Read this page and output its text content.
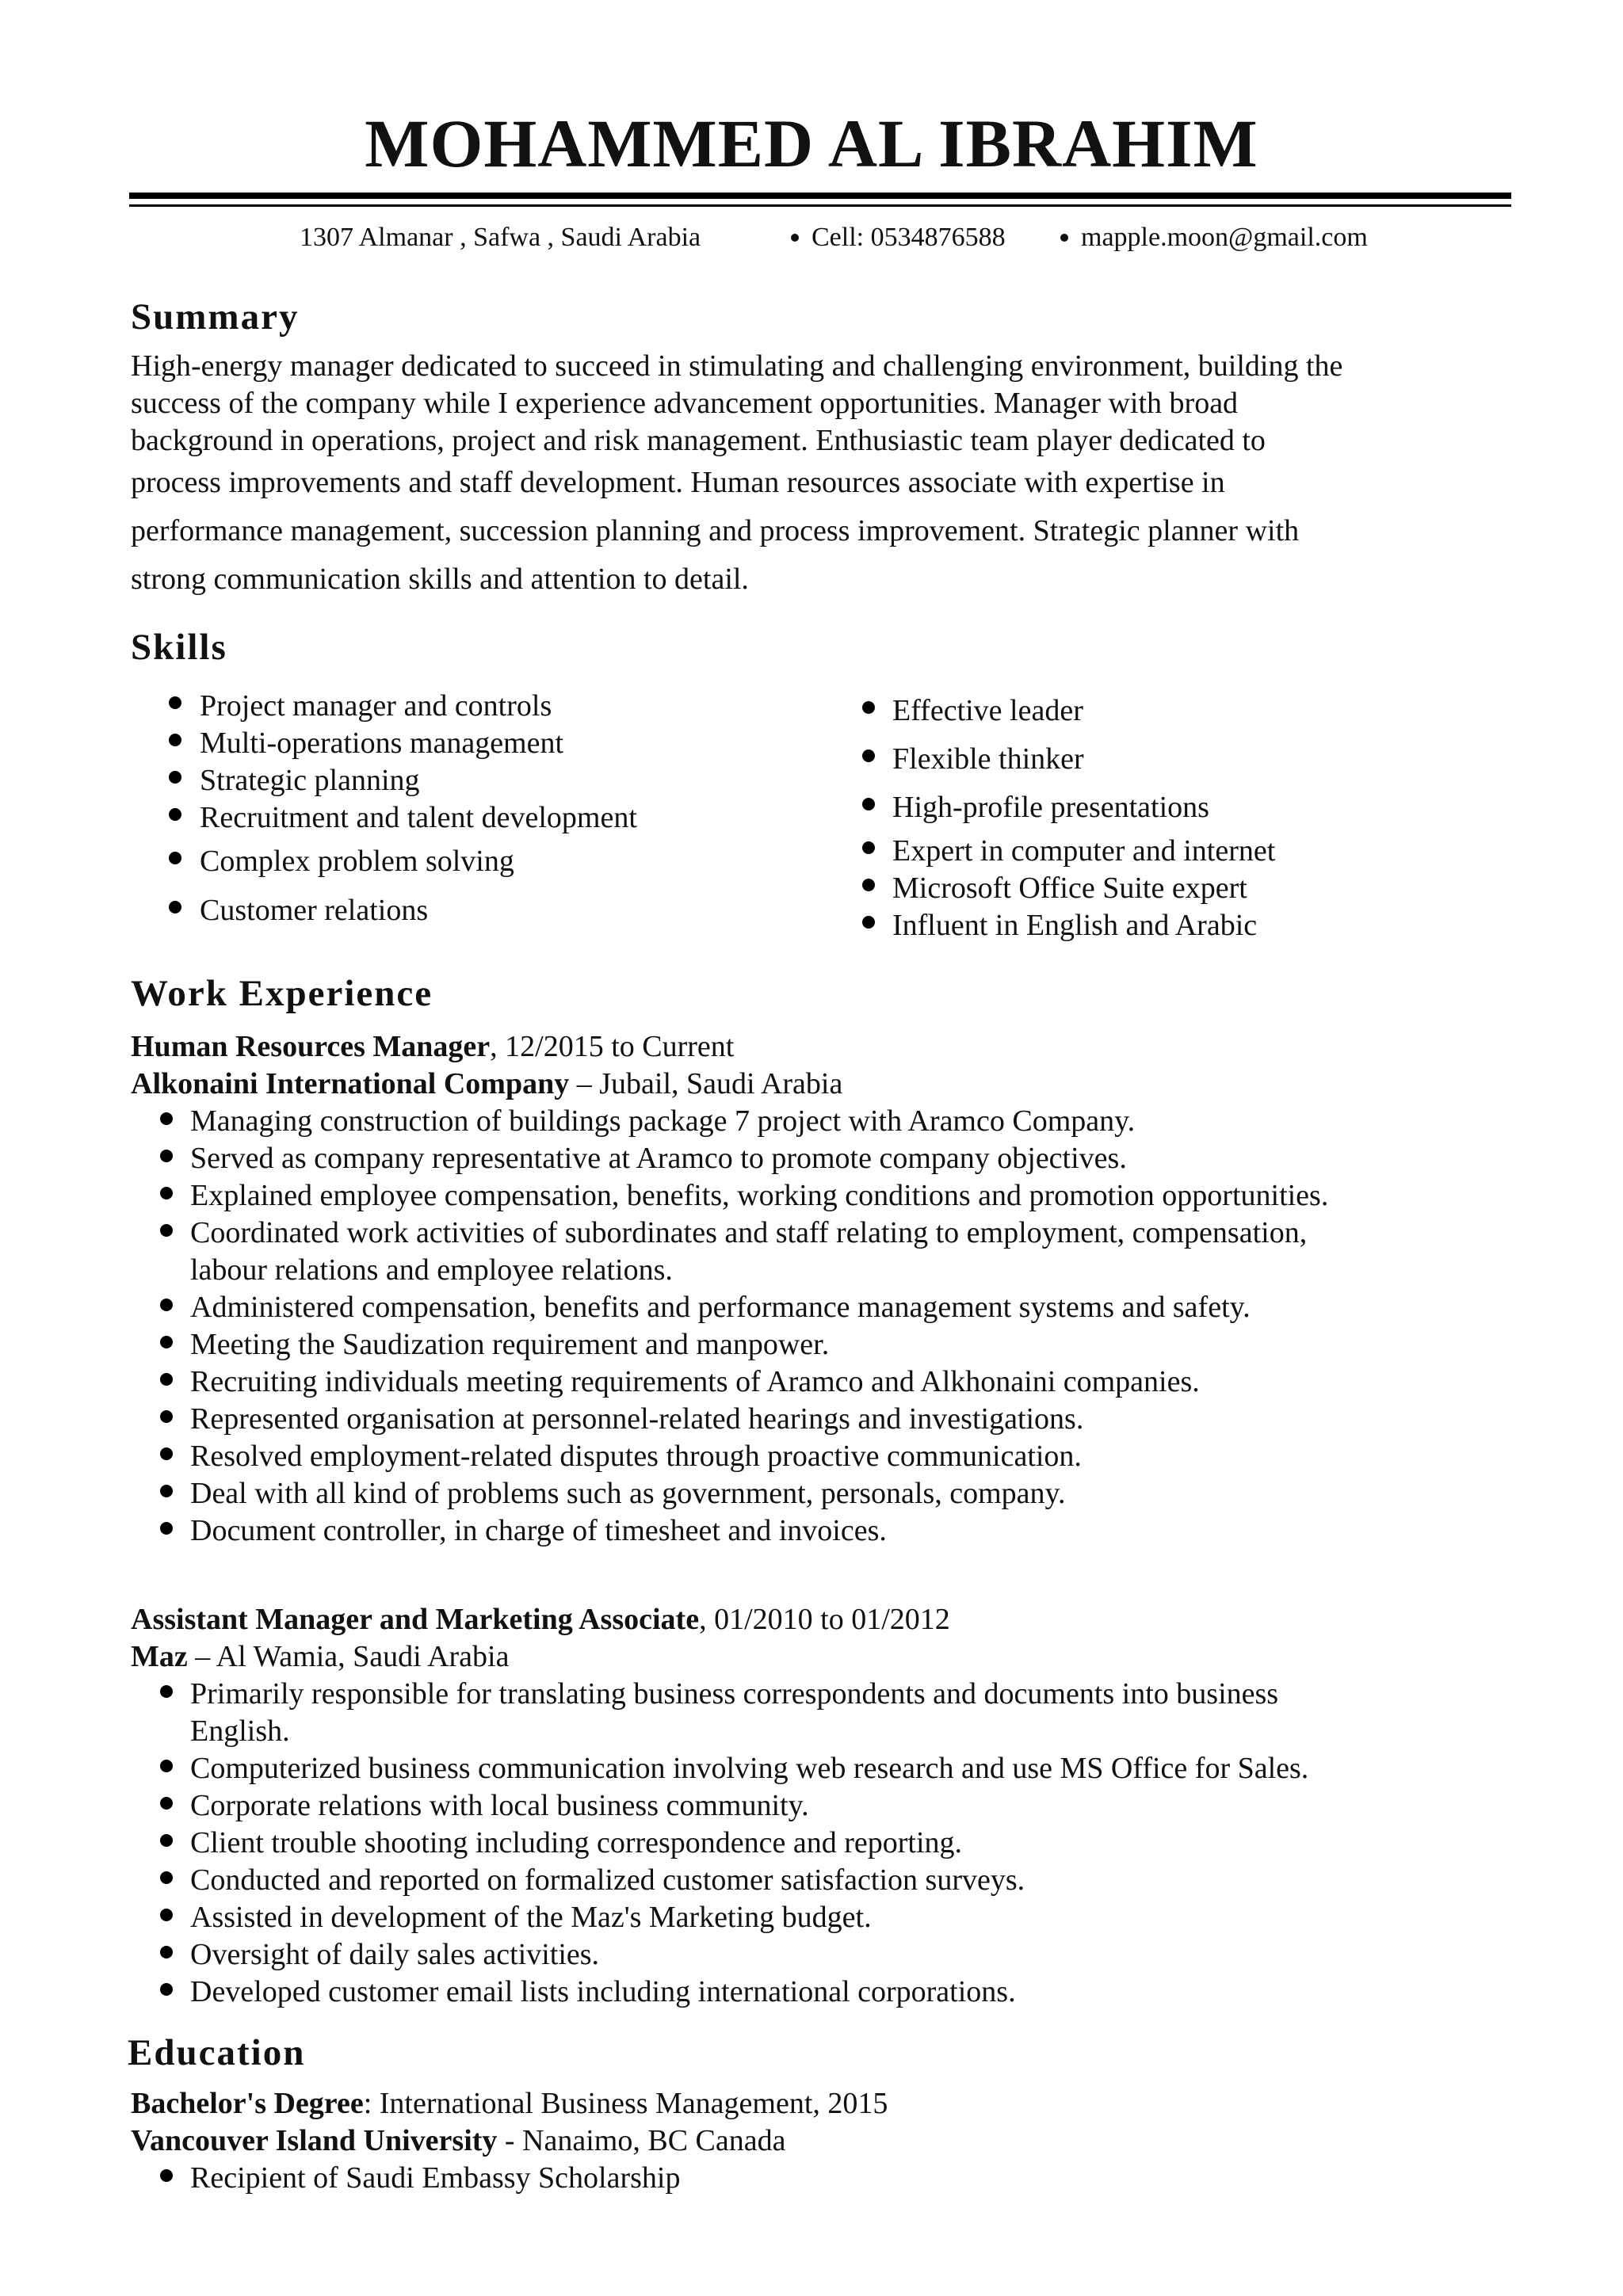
MOHAMMED AL IBRAHIM
1307 Almanar , Safwa , Saudi Arabia	Cell: 0534876588	mapple.moon@gmail.com
Summary
High-energy manager dedicated to succeed in stimulating and challenging environment, building the
success of the company while I experience advancement opportunities. Manager with broad
background in operations, project and risk management. Enthusiastic team player dedicated to
process improvements and staff development. Human resources associate with expertise in
performance management, succession planning and process improvement. Strategic planner with
strong communication skills and attention to detail.
Skills
Project manager and controls
Multi-operations management
Strategic planning
Recruitment and talent development
Complex problem solving
Customer relations
Effective leader
Flexible thinker
High-profile presentations
Expert in computer and internet
Microsoft Office Suite expert
Influent in English and Arabic
Work Experience
Human Resources Manager, 12/2015 to Current
Alkonaini International Company – Jubail, Saudi Arabia
Managing construction of buildings package 7 project with Aramco Company.
Served as company representative at Aramco to promote company objectives.
Explained employee compensation, benefits, working conditions and promotion opportunities.
Coordinated work activities of subordinates and staff relating to employment, compensation,
labour relations and employee relations.
Administered compensation, benefits and performance management systems and safety.
Meeting the Saudization requirement and manpower.
Recruiting individuals meeting requirements of Aramco and Alkhonaini companies.
Represented organisation at personnel-related hearings and investigations.
Resolved employment-related disputes through proactive communication.
Deal with all kind of problems such as government, personals, company.
Document controller, in charge of timesheet and invoices.
Assistant Manager and Marketing Associate, 01/2010 to 01/2012
Maz – Al Wamia, Saudi Arabia
Primarily responsible for translating business correspondents and documents into business
English.
Computerized business communication involving web research and use MS Office for Sales.
Corporate relations with local business community.
Client trouble shooting including correspondence and reporting.
Conducted and reported on formalized customer satisfaction surveys.
Assisted in development of the Maz's Marketing budget.
Oversight of daily sales activities.
Developed customer email lists including international corporations.
Education
Bachelor's Degree: International Business Management, 2015
Vancouver Island University - Nanaimo, BC Canada
Recipient of Saudi Embassy Scholarship
